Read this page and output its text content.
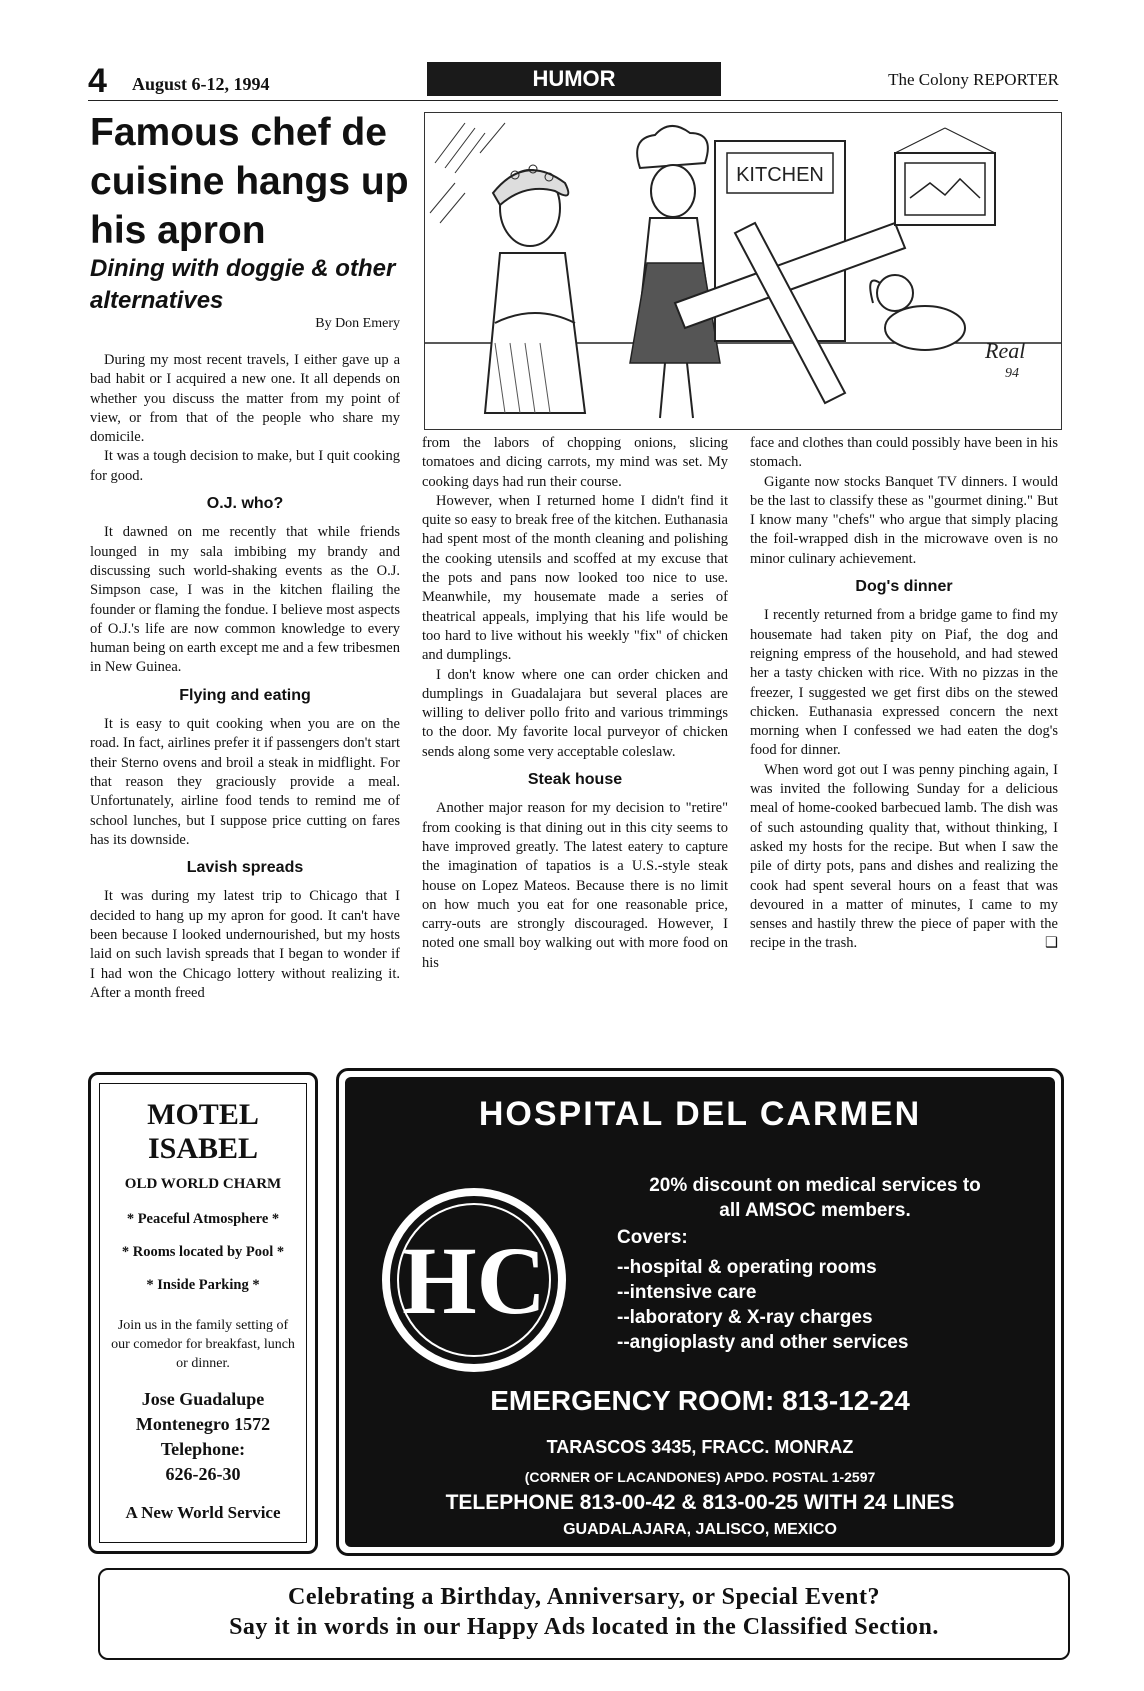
4 August 6-12, 1994	HUMOR	The Colony REPORTER
Famous chef de cuisine hangs up his apron
Dining with doggie & other alternatives
By Don Emery

During my most recent travels, I either gave up a bad habit or I acquired a new one. It all depends on whether you discuss the matter from my point of view, or from that of the people who share my domicile.

It was a tough decision to make, but I quit cooking for good.

O.J. who?

It dawned on me recently that while friends lounged in my sala imbibing my brandy and discussing such world-shaking events as the O.J. Simpson case, I was in the kitchen flailing the founder or flaming the fondue. I believe most aspects of O.J.'s life are now common knowledge to every human being on earth except me and a few tribesmen in New Guinea.

Flying and eating

It is easy to quit cooking when you are on the road. In fact, airlines prefer it if passengers don't start their Sterno ovens and broil a steak in midflight. For that reason they graciously provide a meal. Unfortunately, airline food tends to remind me of school lunches, but I suppose price cutting on fares has its downside.

Lavish spreads

It was during my latest trip to Chicago that I decided to hang up my apron for good. It can't have been because I looked undernourished, but my hosts laid on such lavish spreads that I began to wonder if I had won the Chicago lottery without realizing it. After a month freed

KITCHEN
Real
94

from the labors of chopping onions, slicing tomatoes and dicing carrots, my mind was set. My cooking days had run their course.

However, when I returned home I didn't find it quite so easy to break free of the kitchen. Euthanasia had spent most of the month cleaning and polishing the cooking utensils and scoffed at my excuse that the pots and pans now looked too nice to use. Meanwhile, my housemate made a series of theatrical appeals, implying that his life would be too hard to live without his weekly "fix" of chicken and dumplings.

I don't know where one can order chicken and dumplings in Guadalajara but several places are willing to deliver pollo frito and various trimmings to the door. My favorite local purveyor of chicken sends along some very acceptable coleslaw.

Steak house

Another major reason for my decision to "retire" from cooking is that dining out in this city seems to have improved greatly. The latest eatery to capture the imagination of tapatios is a U.S.-style steak house on Lopez Mateos. Because there is no limit on how much you eat for one reasonable price, carry-outs are strongly discouraged. However, I noted one small boy walking out with more food on his

face and clothes than could possibly have been in his stomach.

Gigante now stocks Banquet TV dinners. I would be the last to classify these as "gourmet dining." But I know many "chefs" who argue that simply placing the foil-wrapped dish in the microwave oven is no minor culinary achievement.

Dog's dinner

I recently returned from a bridge game to find my housemate had taken pity on Piaf, the dog and reigning empress of the household, and had stewed her a tasty chicken with rice. With no pizzas in the freezer, I suggested we get first dibs on the stewed chicken. Euthanasia expressed concern the next morning when I confessed we had eaten the dog's food for dinner.

When word got out I was penny pinching again, I was invited the following Sunday for a delicious meal of home-cooked barbecued lamb. The dish was of such astounding quality that, without thinking, I asked my hosts for the recipe. But when I saw the pile of dirty pots, pans and dishes and realizing the cook had spent several hours on a feast that was devoured in a matter of minutes, I came to my senses and hastily threw the piece of paper with the recipe in the trash.	❑

MOTEL
ISABEL
OLD WORLD CHARM
* Peaceful Atmosphere *
* Rooms located by Pool *
* Inside Parking *
Join us in the family setting of our comedor for breakfast, lunch or dinner.
Jose Guadalupe
Montenegro 1572
Telephone:
626-26-30
A New World Service
HOSPITAL DEL CARMEN
HC
20% discount on medical services to
all AMSOC members.
Covers:
--hospital & operating rooms
--intensive care
--laboratory & X-ray charges
--angioplasty and other services
EMERGENCY ROOM: 813-12-24
TARASCOS 3435, FRACC. MONRAZ
(CORNER OF LACANDONES) APDO. POSTAL 1-2597
TELEPHONE 813-00-42 & 813-00-25 WITH 24 LINES
GUADALAJARA, JALISCO, MEXICO
Celebrating a Birthday, Anniversary, or Special Event?
Say it in words in our Happy Ads located in the Classified Section.
